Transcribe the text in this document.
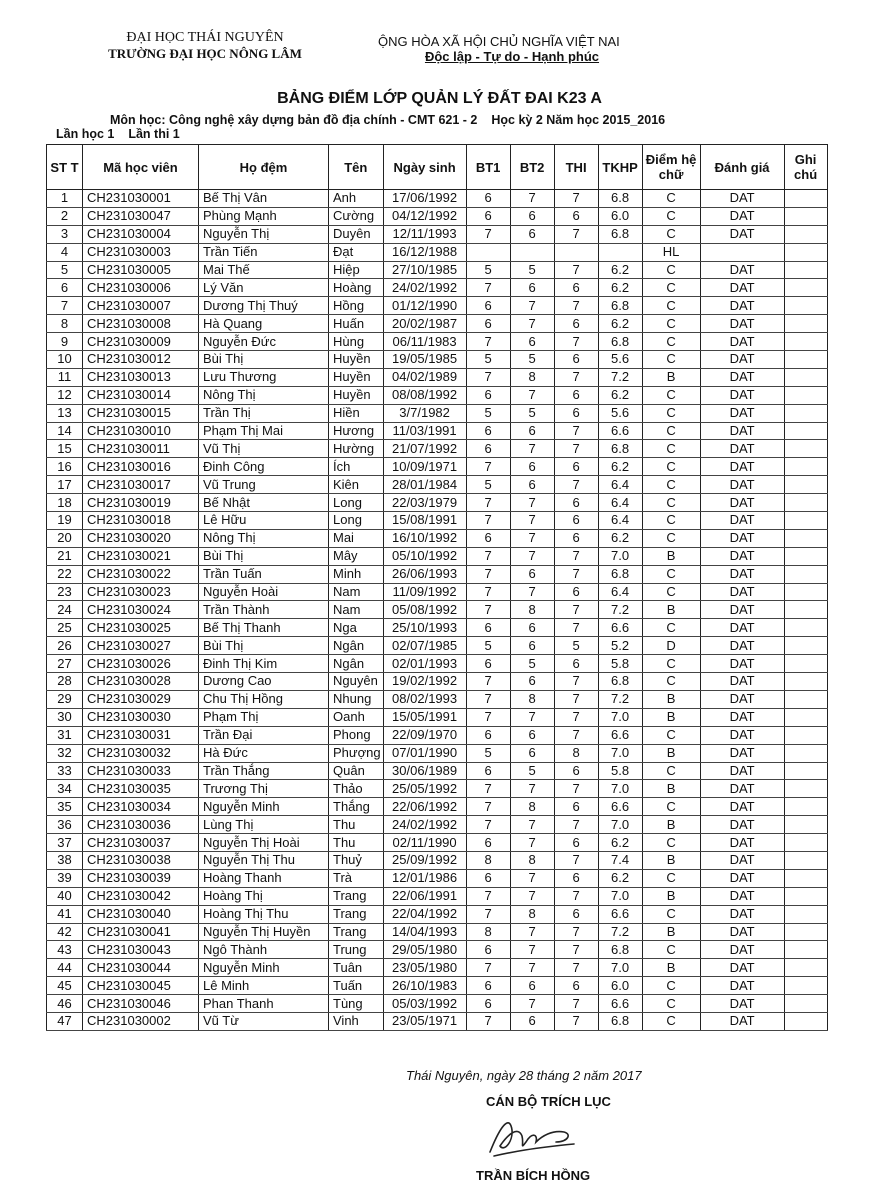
ĐẠI HỌC THÁI NGUYÊN
TRƯỜNG ĐẠI HỌC NÔNG LÂM
ỘNG HÒA XÃ HỘI CHỦ NGHĨA VIỆT NAI
Độc lập - Tự do - Hạnh phúc
BẢNG ĐIỂM LỚP QUẢN LÝ ĐẤT ĐAI K23 A
Môn học: Công nghệ xây dựng bản đồ địa chính - CMT 621 - 2 Học kỳ 2 Năm học 2015_2016
Lần học 1 Lần thi 1
ST T	Mã học viên	Họ đệm	Tên	Ngày sinh	BT1	BT2	THI	TKHP	Điểm hệ chữ	Đánh giá	Ghi chú
1	CH231030001	Bế Thị Vân	Anh	17/06/1992	6	7	7	6.8	C	DAT	
2	CH231030047	Phùng Mạnh	Cường	04/12/1992	6	6	6	6.0	C	DAT	
3	CH231030004	Nguyễn Thị	Duyên	12/11/1993	7	6	7	6.8	C	DAT	
4	CH231030003	Trần Tiến	Đạt	16/12/1988					HL		
5	CH231030005	Mai Thế	Hiệp	27/10/1985	5	5	7	6.2	C	DAT	
6	CH231030006	Lý Văn	Hoàng	24/02/1992	7	6	6	6.2	C	DAT	
7	CH231030007	Dương Thị Thuý	Hồng	01/12/1990	6	7	7	6.8	C	DAT	
8	CH231030008	Hà Quang	Huấn	20/02/1987	6	7	6	6.2	C	DAT	
9	CH231030009	Nguyễn Đức	Hùng	06/11/1983	7	6	7	6.8	C	DAT	
10	CH231030012	Bùi Thị	Huyền	19/05/1985	5	5	6	5.6	C	DAT	
11	CH231030013	Lưu Thương	Huyền	04/02/1989	7	8	7	7.2	B	DAT	
12	CH231030014	Nông Thị	Huyền	08/08/1992	6	7	6	6.2	C	DAT	
13	CH231030015	Trần Thị	Hiền	3/7/1982	5	5	6	5.6	C	DAT	
14	CH231030010	Phạm Thị Mai	Hương	11/03/1991	6	6	7	6.6	C	DAT	
15	CH231030011	Vũ Thị	Hường	21/07/1992	6	7	7	6.8	C	DAT	
16	CH231030016	Đinh Công	Ích	10/09/1971	7	6	6	6.2	C	DAT	
17	CH231030017	Vũ Trung	Kiên	28/01/1984	5	6	7	6.4	C	DAT	
18	CH231030019	Bế Nhật	Long	22/03/1979	7	7	6	6.4	C	DAT	
19	CH231030018	Lê Hữu	Long	15/08/1991	7	7	6	6.4	C	DAT	
20	CH231030020	Nông Thị	Mai	16/10/1992	6	7	6	6.2	C	DAT	
21	CH231030021	Bùi Thị	Mây	05/10/1992	7	7	7	7.0	B	DAT	
22	CH231030022	Trần Tuấn	Minh	26/06/1993	7	6	7	6.8	C	DAT	
23	CH231030023	Nguyễn Hoài	Nam	11/09/1992	7	7	6	6.4	C	DAT	
24	CH231030024	Trần Thành	Nam	05/08/1992	7	8	7	7.2	B	DAT	
25	CH231030025	Bế Thị Thanh	Nga	25/10/1993	6	6	7	6.6	C	DAT	
26	CH231030027	Bùi Thị	Ngân	02/07/1985	5	6	5	5.2	D	DAT	
27	CH231030026	Đinh Thị Kim	Ngân	02/01/1993	6	5	6	5.8	C	DAT	
28	CH231030028	Dương Cao	Nguyên	19/02/1992	7	6	7	6.8	C	DAT	
29	CH231030029	Chu Thị Hồng	Nhung	08/02/1993	7	8	7	7.2	B	DAT	
30	CH231030030	Phạm Thị	Oanh	15/05/1991	7	7	7	7.0	B	DAT	
31	CH231030031	Trần Đại	Phong	22/09/1970	6	6	7	6.6	C	DAT	
32	CH231030032	Hà Đức	Phượng	07/01/1990	5	6	8	7.0	B	DAT	
33	CH231030033	Trần Thắng	Quân	30/06/1989	6	5	6	5.8	C	DAT	
34	CH231030035	Trương Thị	Thảo	25/05/1992	7	7	7	7.0	B	DAT	
35	CH231030034	Nguyễn Minh	Thắng	22/06/1992	7	8	6	6.6	C	DAT	
36	CH231030036	Lùng Thị	Thu	24/02/1992	7	7	7	7.0	B	DAT	
37	CH231030037	Nguyễn Thị Hoài	Thu	02/11/1990	6	7	6	6.2	C	DAT	
38	CH231030038	Nguyễn Thị Thu	Thuỷ	25/09/1992	8	8	7	7.4	B	DAT	
39	CH231030039	Hoàng Thanh	Trà	12/01/1986	6	7	6	6.2	C	DAT	
40	CH231030042	Hoàng Thị	Trang	22/06/1991	7	7	7	7.0	B	DAT	
41	CH231030040	Hoàng Thị Thu	Trang	22/04/1992	7	8	6	6.6	C	DAT	
42	CH231030041	Nguyễn Thị Huyền	Trang	14/04/1993	8	7	7	7.2	B	DAT	
43	CH231030043	Ngô Thành	Trung	29/05/1980	6	7	7	6.8	C	DAT	
44	CH231030044	Nguyễn Minh	Tuân	23/05/1980	7	7	7	7.0	B	DAT	
45	CH231030045	Lê Minh	Tuấn	26/10/1983	6	6	6	6.0	C	DAT	
46	CH231030046	Phan Thanh	Tùng	05/03/1992	6	7	7	6.6	C	DAT	
47	CH231030002	Vũ Từ	Vinh	23/05/1971	7	6	7	6.8	C	DAT	
Thái Nguyên, ngày 28 tháng 2 năm 2017
CÁN BỘ TRÍCH LỤC
TRẦN BÍCH HỒNG
